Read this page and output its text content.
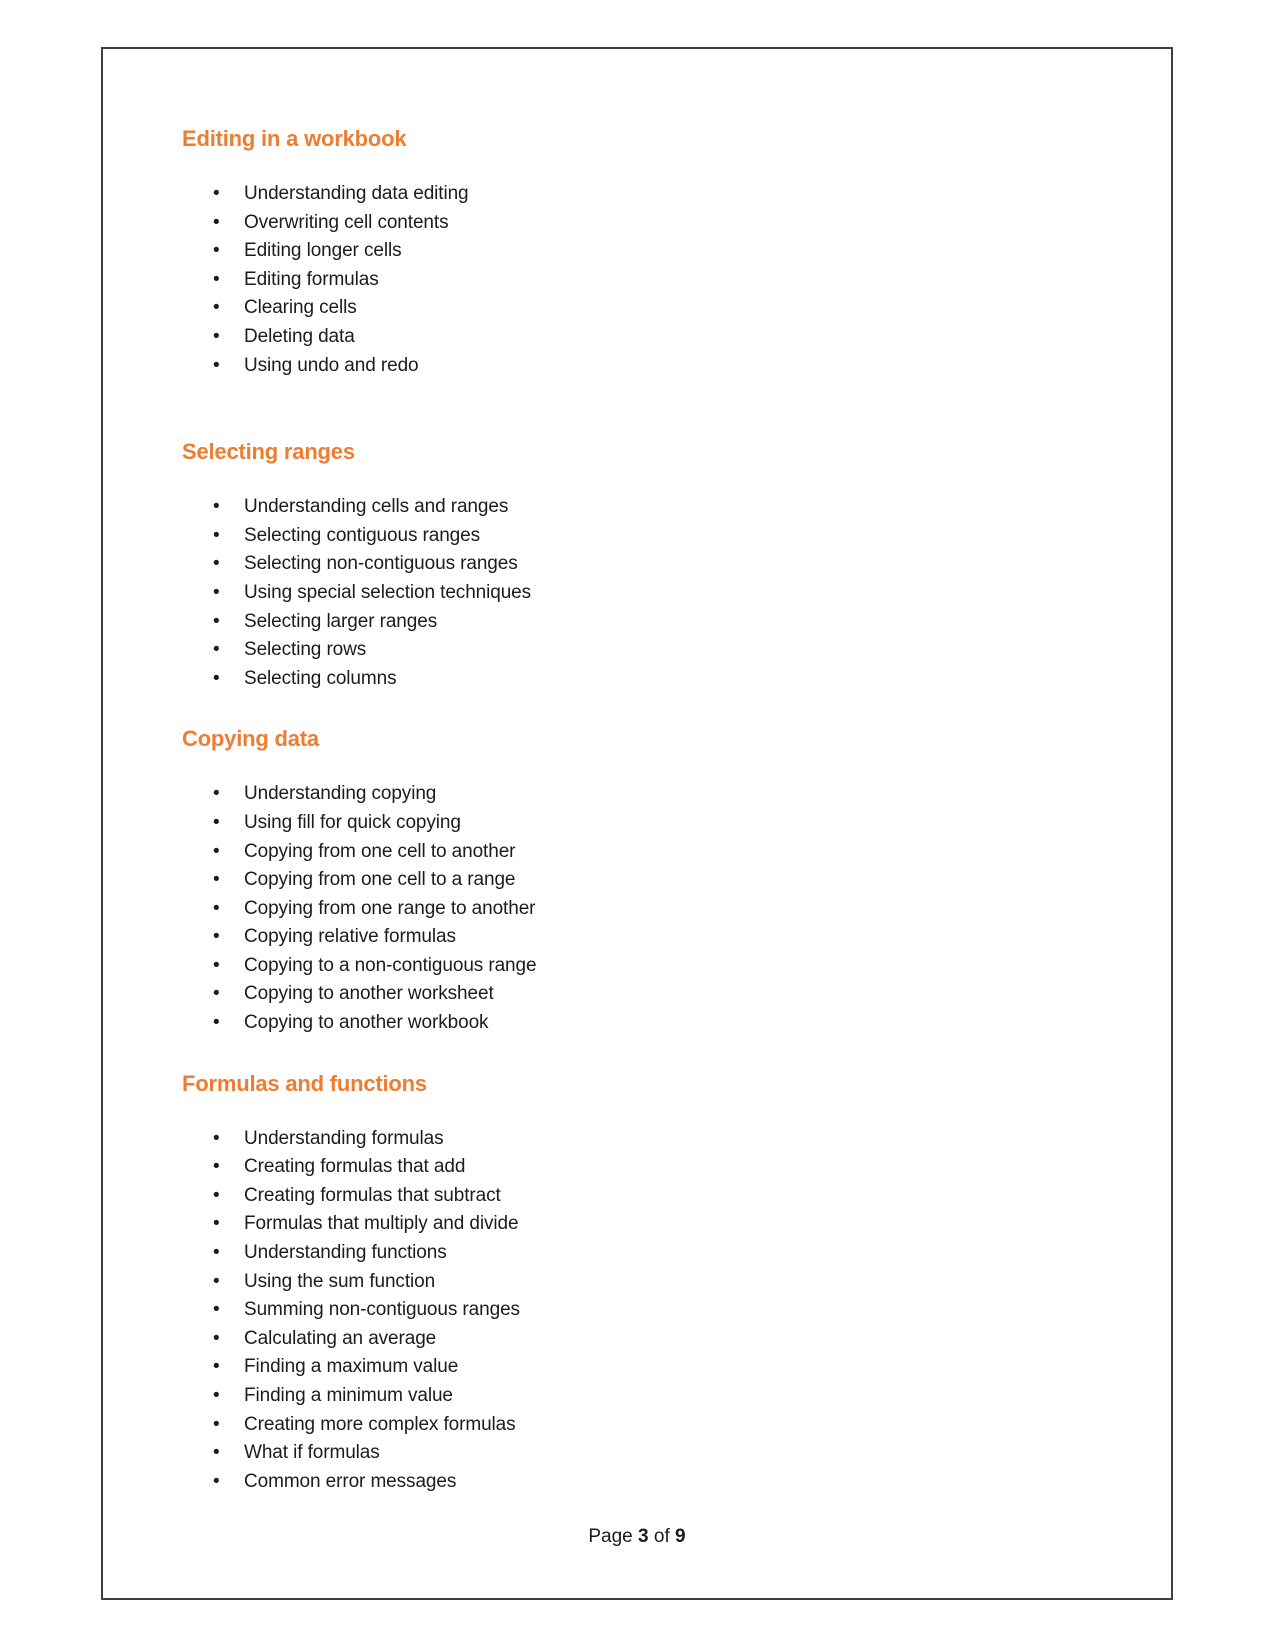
Editing in a workbook
• Understanding data editing
• Overwriting cell contents
• Editing longer cells
• Editing formulas
• Clearing cells
• Deleting data
• Using undo and redo
Selecting ranges
• Understanding cells and ranges
• Selecting contiguous ranges
• Selecting non-contiguous ranges
• Using special selection techniques
• Selecting larger ranges
• Selecting rows
• Selecting columns
Copying data
• Understanding copying
• Using fill for quick copying
• Copying from one cell to another
• Copying from one cell to a range
• Copying from one range to another
• Copying relative formulas
• Copying to a non-contiguous range
• Copying to another worksheet
• Copying to another workbook
Formulas and functions
• Understanding formulas
• Creating formulas that add
• Creating formulas that subtract
• Formulas that multiply and divide
• Understanding functions
• Using the sum function
• Summing non-contiguous ranges
• Calculating an average
• Finding a maximum value
• Finding a minimum value
• Creating more complex formulas
• What if formulas
• Common error messages
Page 3 of 9
